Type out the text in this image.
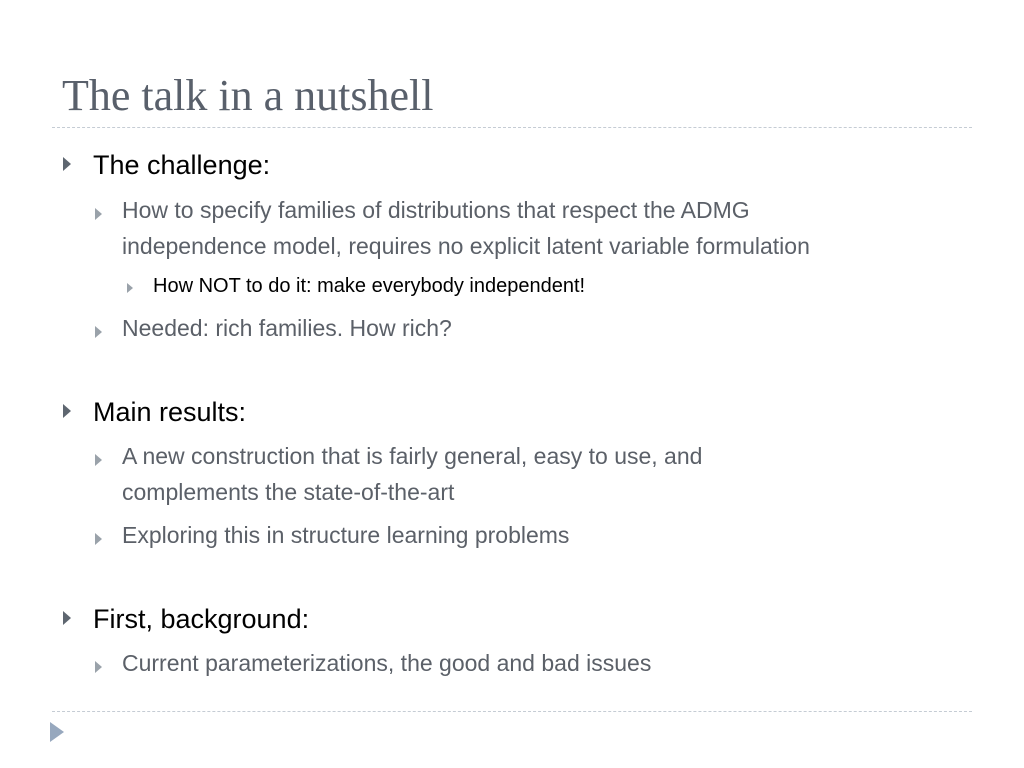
The talk in a nutshell
The challenge:
How to specify families of distributions that respect the ADMG
independence model, requires no explicit latent variable formulation
How NOT to do it: make everybody independent!
Needed: rich families. How rich?
Main results:
A new construction that is fairly general, easy to use, and
complements the state-of-the-art
Exploring this in structure learning problems
First, background:
Current parameterizations, the good and bad issues
